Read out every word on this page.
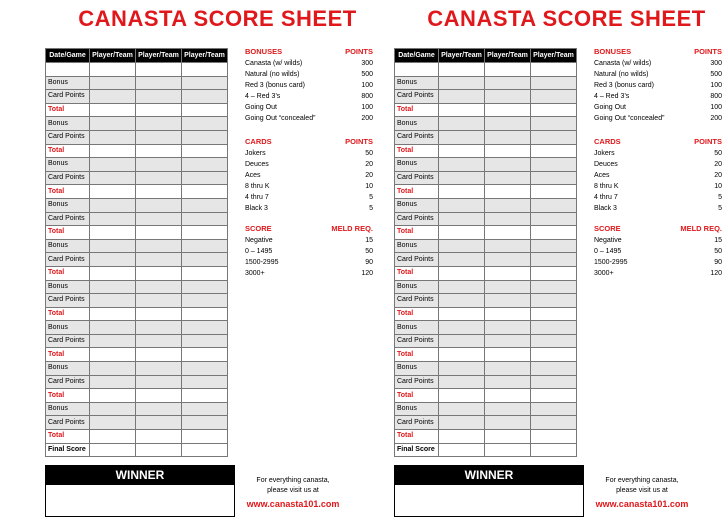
CANASTA SCORE SHEET
Date/Game	Player/Team	Player/Team	Player/Team

Bonus			
Card Points			
Total			
Bonus			
Card Points			
Total			
Bonus			
Card Points			
Total			
Bonus			
Card Points			
Total			
Bonus			
Card Points			
Total			
Bonus			
Card Points			
Total			
Bonus			
Card Points			
Total			
Bonus			
Card Points			
Total			
Bonus			
Card Points			
Total			
Final Score			
BONUSES	POINTS
Canasta (w/ wilds)	300
Natural (no wilds)	500
Red 3 (bonus card)	100
4 – Red 3’s	800
Going Out	100
Going Out “concealed”	200
CARDS	POINTS
Jokers	50
Deuces	20
Aces	20
8 thru K	10
4 thru 7	5
Black 3	5
SCORE	MELD REQ.
Negative	15
0 – 1495	50
1500-2995	90
3000+	120
WINNER	For everything canasta,
please visit us at
www.canasta101.com
CANASTA SCORE SHEET
Date/Game	Player/Team	Player/Team	Player/Team

Bonus			
Card Points			
Total			
Bonus			
Card Points			
Total			
Bonus			
Card Points			
Total			
Bonus			
Card Points			
Total			
Bonus			
Card Points			
Total			
Bonus			
Card Points			
Total			
Bonus			
Card Points			
Total			
Bonus			
Card Points			
Total			
Bonus			
Card Points			
Total			
Final Score			
BONUSES	POINTS
Canasta (w/ wilds)	300
Natural (no wilds)	500
Red 3 (bonus card)	100
4 – Red 3’s	800
Going Out	100
Going Out “concealed”	200
CARDS	POINTS
Jokers	50
Deuces	20
Aces	20
8 thru K	10
4 thru 7	5
Black 3	5
SCORE	MELD REQ.
Negative	15
0 – 1495	50
1500-2995	90
3000+	120
WINNER	For everything canasta,
please visit us at
www.canasta101.com
